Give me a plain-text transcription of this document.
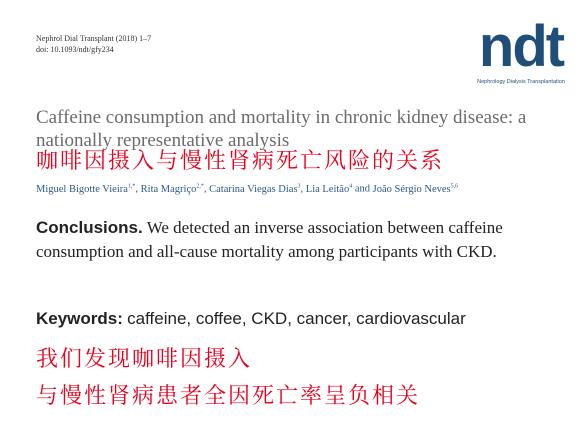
Nephrol Dial Transplant (2018) 1–7
doi: 10.1093/ndt/gfy234	ndt
Nephrology Dialysis Transplantation
Caffeine consumption and mortality in chronic kidney disease: a nationally representative analysis
咖啡因摄入与慢性肾病死亡风险的关系
Miguel Bigotte Vieira$^{1,*}$, Rita Magriço$^{2,*}$, Catarina Viegas Dias$^3$, Lia Leitão$^4$ and João Sérgio Neves$^{5,6}$
Conclusions. We detected an inverse association between caffeine consumption and all-cause mortality among participants with CKD.
Keywords: caffeine, coffee, CKD, cancer, cardiovascular
我们发现咖啡因摄入
与慢性肾病患者全因死亡率呈负相关
